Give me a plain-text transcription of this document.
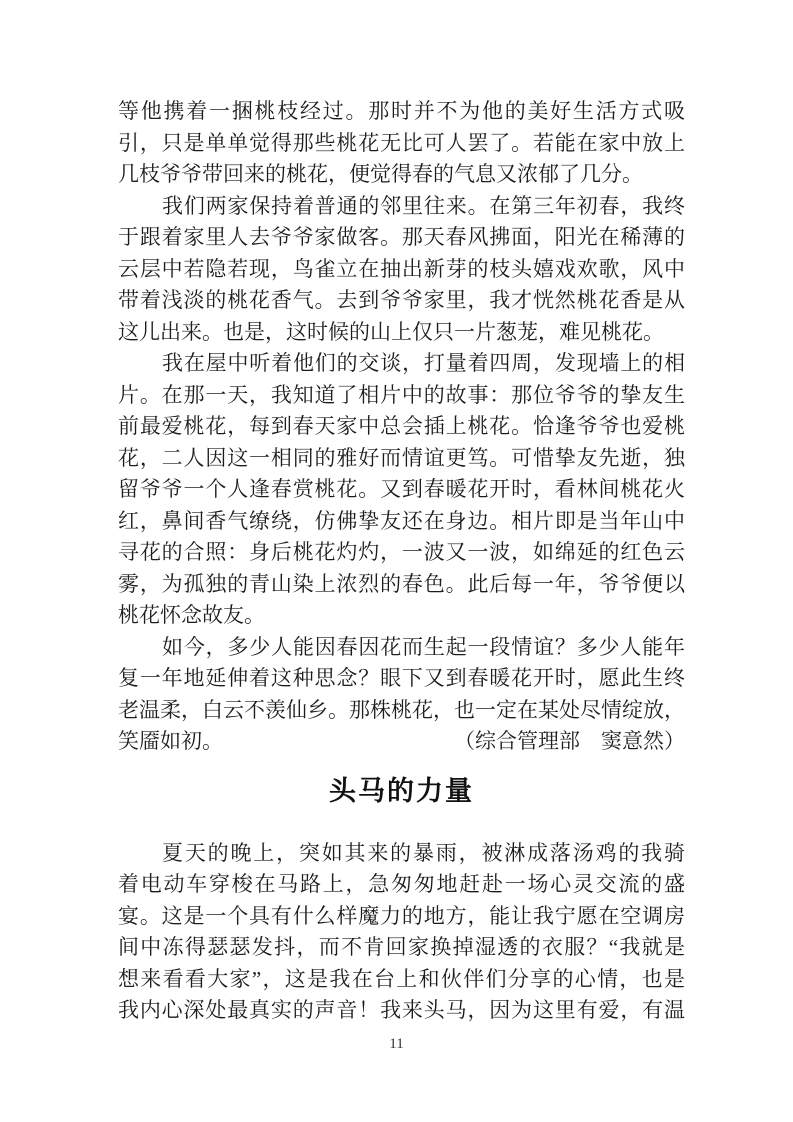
等他携着一捆桃枝经过。那时并不为他的美好生活方式吸
引，只是单单觉得那些桃花无比可人罢了。若能在家中放上
几枝爷爷带回来的桃花，便觉得春的气息又浓郁了几分。
我们两家保持着普通的邻里往来。在第三年初春，我终
于跟着家里人去爷爷家做客。那天春风拂面，阳光在稀薄的
云层中若隐若现，鸟雀立在抽出新芽的枝头嬉戏欢歌，风中
带着浅淡的桃花香气。去到爷爷家里，我才恍然桃花香是从
这儿出来。也是，这时候的山上仅只一片葱茏，难见桃花。
我在屋中听着他们的交谈，打量着四周，发现墙上的相
片。在那一天，我知道了相片中的故事：那位爷爷的挚友生
前最爱桃花，每到春天家中总会插上桃花。恰逢爷爷也爱桃
花，二人因这一相同的雅好而情谊更笃。可惜挚友先逝，独
留爷爷一个人逢春赏桃花。又到春暖花开时，看林间桃花火
红，鼻间香气缭绕，仿佛挚友还在身边。相片即是当年山中
寻花的合照：身后桃花灼灼，一波又一波，如绵延的红色云
雾，为孤独的青山染上浓烈的春色。此后每一年，爷爷便以
桃花怀念故友。
如今，多少人能因春因花而生起一段情谊？多少人能年
复一年地延伸着这种思念？眼下又到春暖花开时，愿此生终
老温柔，白云不羡仙乡。那株桃花，也一定在某处尽情绽放，
笑靥如初。	（综合管理部　窦意然）
头马的力量
夏天的晚上，突如其来的暴雨，被淋成落汤鸡的我骑
着电动车穿梭在马路上，急匆匆地赶赴一场心灵交流的盛
宴。这是一个具有什么样魔力的地方，能让我宁愿在空调房
间中冻得瑟瑟发抖，而不肯回家换掉湿透的衣服？“我就是
想来看看大家”，这是我在台上和伙伴们分享的心情，也是
我内心深处最真实的声音！我来头马，因为这里有爱，有温
11
